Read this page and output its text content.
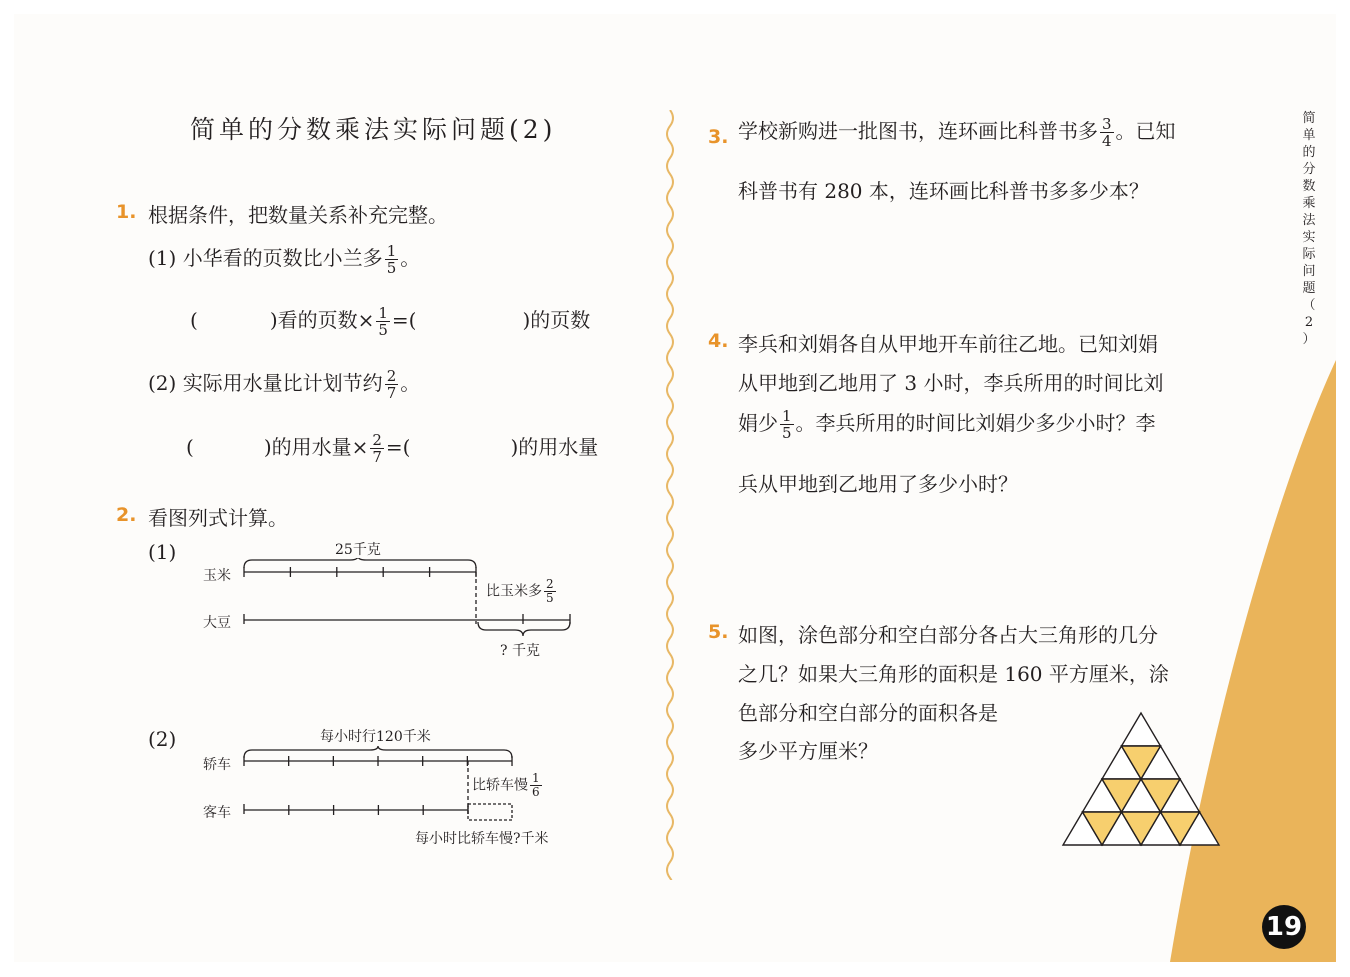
简单的分数乘法实际问题(2)
1. 根据条件，把数量关系补充完整。
(1) 小华看的页数比小兰多 $\frac{1}{5}$ 。
(	)看的页数× $\frac{1}{5}$ =(	)的页数
(2) 实际用水量比计划节约 $\frac{2}{7}$ 。
(	)的用水量× $\frac{2}{7}$ =(	)的用水量
2. 看图列式计算。
(1)	25千克
玉米
大豆
比玉米多 $\frac{2}{5}$
? 千克
(2)	每小时行120千米
轿车
客车
比轿车慢 $\frac{1}{6}$
每小时比轿车慢?千米
3. 学校新购进一批图书，连环画比科普书多 $\frac{3}{4}$ 。已知
科普书有 280 本，连环画比科普书多多少本？
4. 李兵和刘娟各自从甲地开车前往乙地。已知刘娟
从甲地到乙地用了 3 小时，李兵所用的时间比刘
娟少 $\frac{1}{5}$ 。李兵所用的时间比刘娟少多少小时？李
兵从甲地到乙地用了多少小时？
5. 如图，涂色部分和空白部分各占大三角形的几分
之几？如果大三角形的面积是 160 平方厘米，涂
色部分和空白部分的面积各是
多少平方厘米？
简
单
的
分
数
乘
法
实
际
问
题
（
2
）
19
